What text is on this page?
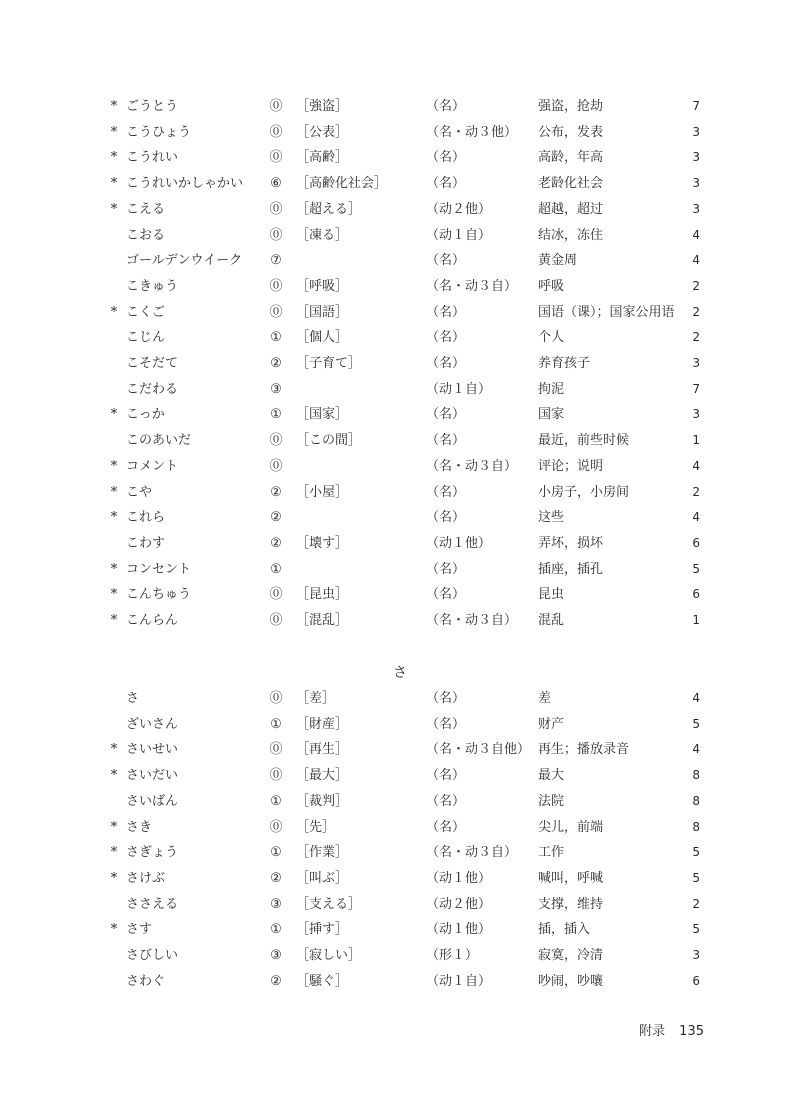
* ごうとう	⓪ ［強盗］	（名）	强盗，抢劫	7
* こうひょう	⓪ ［公表］	（名・动３他） 公布，发表	3
* こうれい	⓪ ［高齢］	（名）	高龄，年高	3
* こうれいかしゃかい	⑥	［高齢化社会］	（名）	老龄化社会	3
* こえる	⓪ ［超える］	（动２他）	超越，超过	3
こおる	⓪ ［凍る］	（动１自）	结冰，冻住	4
ゴールデンウイーク	⑦	（名）	黄金周	4
こきゅう	⓪ ［呼吸］	（名・动３自） 呼吸	2
* こくご	⓪ ［国語］	（名）	国语（课）；国家公用语	2
こじん	①	［個人］	（名）	个人	2
こそだて	②	［子育て］	（名）	养育孩子	3
こだわる	③	（动１自）	拘泥	7
* こっか	①	［国家］	（名）	国家	3
このあいだ	⓪ ［この間］	（名）	最近，前些时候	1
* コメント	⓪	（名・动３自） 评论；说明	4
* こや	②	［小屋］	（名）	小房子，小房间	2
* これら	②	（名）	这些	4
こわす	②	［壊す］	（动１他）	弄坏，损坏	6
* コンセント	①	（名）	插座，插孔	5
* こんちゅう	⓪ ［昆虫］	（名）	昆虫	6
* こんらん	⓪ ［混乱］	（名・动３自） 混乱	1
さ
さ	⓪ ［差］	（名）	差	4
ざいさん	①	［財産］	（名）	财产	5
* さいせい	⓪ ［再生］	（名・动３自他） 再生；播放录音	4
* さいだい	⓪ ［最大］	（名）	最大	8
さいばん	①	［裁判］	（名）	法院	8
* さき	⓪ ［先］	（名）	尖儿，前端	8
* さぎょう	①	［作業］	（名・动３自） 工作	5
* さけぶ	②	［叫ぶ］	（动１他）	喊叫，呼喊	5
ささえる	③	［支える］	（动２他）	支撑，维持	2
* さす	①	［挿す］	（动１他）	插，插入	5
さびしい	③	［寂しい］	（形１）	寂寞，冷清	3
さわぐ	②	［騒ぐ］	（动１自）	吵闹，吵嚷	6
附录 135
